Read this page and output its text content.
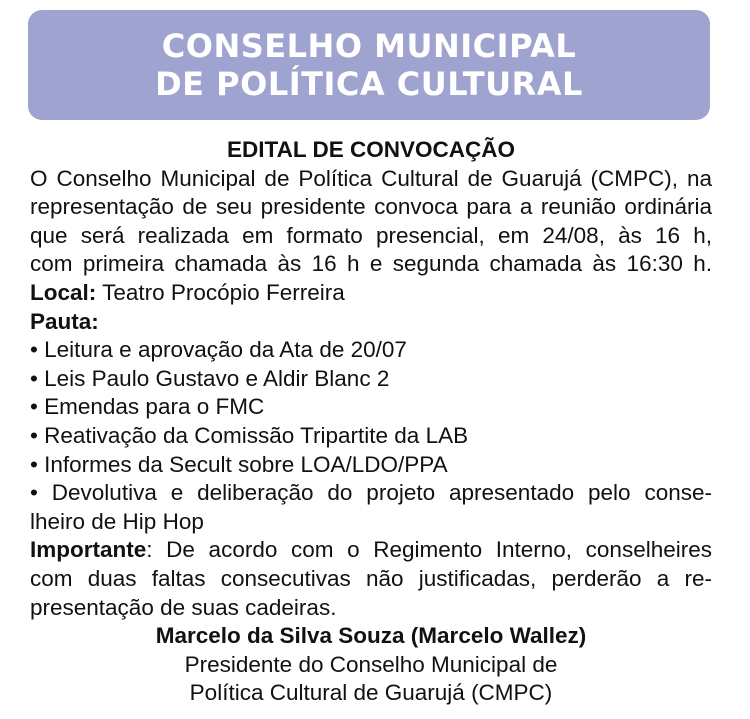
CONSELHO MUNICIPAL
DE POLÍTICA CULTURAL

EDITAL DE CONVOCAÇÃO

O Conselho Municipal de Política Cultural de Guarujá (CMPC), na

representação de seu presidente convoca para a reunião ordinária

que será realizada em formato presencial, em 24/08, às 16 h,

com primeira chamada às 16 h e segunda chamada às 16:30 h.

Local: Teatro Procópio Ferreira

Pauta:

• Leitura e aprovação da Ata de 20/07

• Leis Paulo Gustavo e Aldir Blanc 2

• Emendas para o FMC

• Reativação da Comissão Tripartite da LAB

• Informes da Secult sobre LOA/LDO/PPA

• Devolutiva e deliberação do projeto apresentado pelo conse-

lheiro de Hip Hop

Importante: De acordo com o Regimento Interno, conselheires

com duas faltas consecutivas não justificadas, perderão a re-

presentação de suas cadeiras.

Marcelo da Silva Souza (Marcelo Wallez)

Presidente do Conselho Municipal de

Política Cultural de Guarujá (CMPC)
